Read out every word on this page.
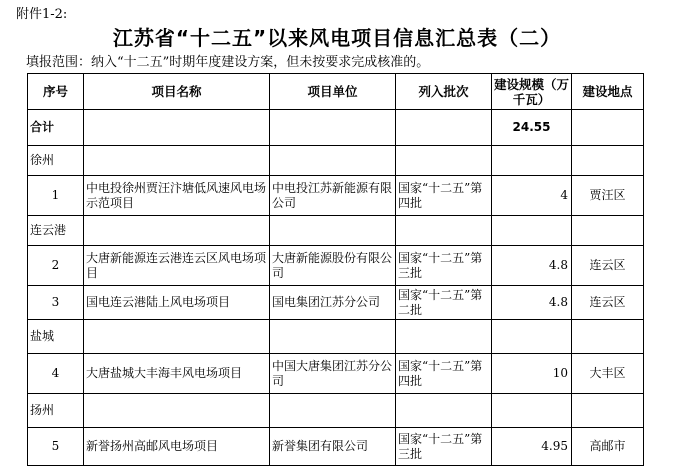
附件1-2:
江苏省“十二五”以来风电项目信息汇总表（二）
填报范围：纳入“十二五”时期年度建设方案，但未按要求完成核准的。
序号	项目名称	项目单位	列入批次	建设规模（万千瓦）	建设地点
合计				24.55	
徐州					
1	中电投徐州贾汪汴塘低风速风电场示范项目	中电投江苏新能源有限公司	国家“十二五”第四批	4	贾汪区
连云港					
2	大唐新能源连云港连云区风电场项目	大唐新能源股份有限公司	国家“十二五”第三批	4.8	连云区
3	国电连云港陆上风电场项目	国电集团江苏分公司	国家“十二五”第二批	4.8	连云区
盐城					
4	大唐盐城大丰海丰风电场项目	中国大唐集团江苏分公司	国家“十二五”第四批	10	大丰区
扬州					
5	新誉扬州高邮风电场项目	新誉集团有限公司	国家“十二五”第三批	4.95	高邮市
